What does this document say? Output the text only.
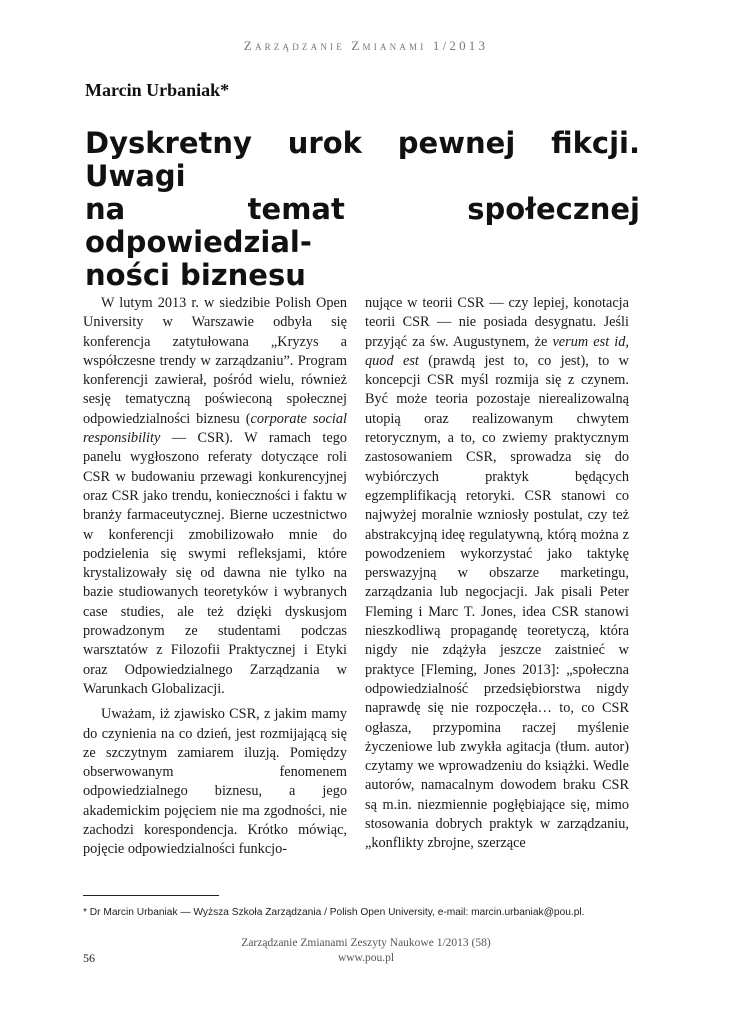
Zarządzanie Zmianami 1/2013
Marcin Urbaniak*
Dyskretny urok pewnej fikcji. Uwagi
na temat społecznej odpowiedzial-
ności biznesu

W lutym 2013 r. w siedzibie Polish Open University w Warszawie odbyła się konferencja zatytułowana „Kryzys a współczesne trendy w zarządzaniu”. Program konferencji zawierał, pośród wielu, również sesję tematyczną poświeconą społecznej odpowiedzialności biznesu (corporate social responsibility — CSR). W ramach tego panelu wygłoszono referaty dotyczące roli CSR w budowaniu przewagi konkurencyjnej oraz CSR jako trendu, konieczności i faktu w branży farmaceutycznej. Bierne uczestnictwo w konferencji zmobilizowało mnie do podzielenia się swymi refleksjami, które krystalizowały się od dawna nie tylko na bazie studiowanych teoretyków i wybranych case studies, ale też dzięki dyskusjom prowadzonym ze studentami podczas warsztatów z Filozofii Praktycznej i Etyki oraz Odpowiedzialnego Zarządzania w Warunkach Globalizacji.

Uważam, iż zjawisko CSR, z jakim mamy do czynienia na co dzień, jest rozmijającą się ze szczytnym zamiarem iluzją. Pomiędzy obserwowanym fenomenem odpowiedzialnego biznesu, a jego akademickim pojęciem nie ma zgodności, nie zachodzi korespondencja. Krótko mówiąc, pojęcie odpowiedzialności funkcjo-

nujące w teorii CSR — czy lepiej, konotacja teorii CSR — nie posiada desygnatu. Jeśli przyjąć za św. Augustynem, że verum est id, quod est (prawdą jest to, co jest), to w koncepcji CSR myśl rozmija się z czynem. Być może teoria pozostaje nierealizowalną utopią oraz realizowanym chwytem retorycznym, a to, co zwiemy praktycznym zastosowaniem CSR, sprowadza się do wybiórczych praktyk będących egzemplifikacją retoryki. CSR stanowi co najwyżej moralnie wzniosły postulat, czy też abstrakcyjną ideę regulatywną, którą można z powodzeniem wykorzystać jako taktykę perswazyjną w obszarze marketingu, zarządzania lub negocjacji. Jak pisali Peter Fleming i Marc T. Jones, idea CSR stanowi nieszkodliwą propagandę teoretyczą, która nigdy nie zdążyła jeszcze zaistnieć w praktyce [Fleming, Jones 2013]: „społeczna odpowiedzialność przedsiębiorstwa nigdy naprawdę się nie rozpoczęła… to, co CSR ogłasza, przypomina raczej myślenie życzeniowe lub zwykła agitacja (tłum. autor) czytamy we wprowadzeniu do książki. Wedle autorów, namacalnym dowodem braku CSR są m.in. niezmiennie pogłębiające się, mimo stosowania dobrych praktyk w zarządzaniu, „konflikty zbrojne, szerzące

* Dr Marcin Urbaniak — Wyższa Szkoła Zarządzania / Polish Open University, e-mail: marcin.urbaniak@pou.pl.
Zarządzanie Zmianami Zeszyty Naukowe 1/2013 (58)
www.pou.pl
56
